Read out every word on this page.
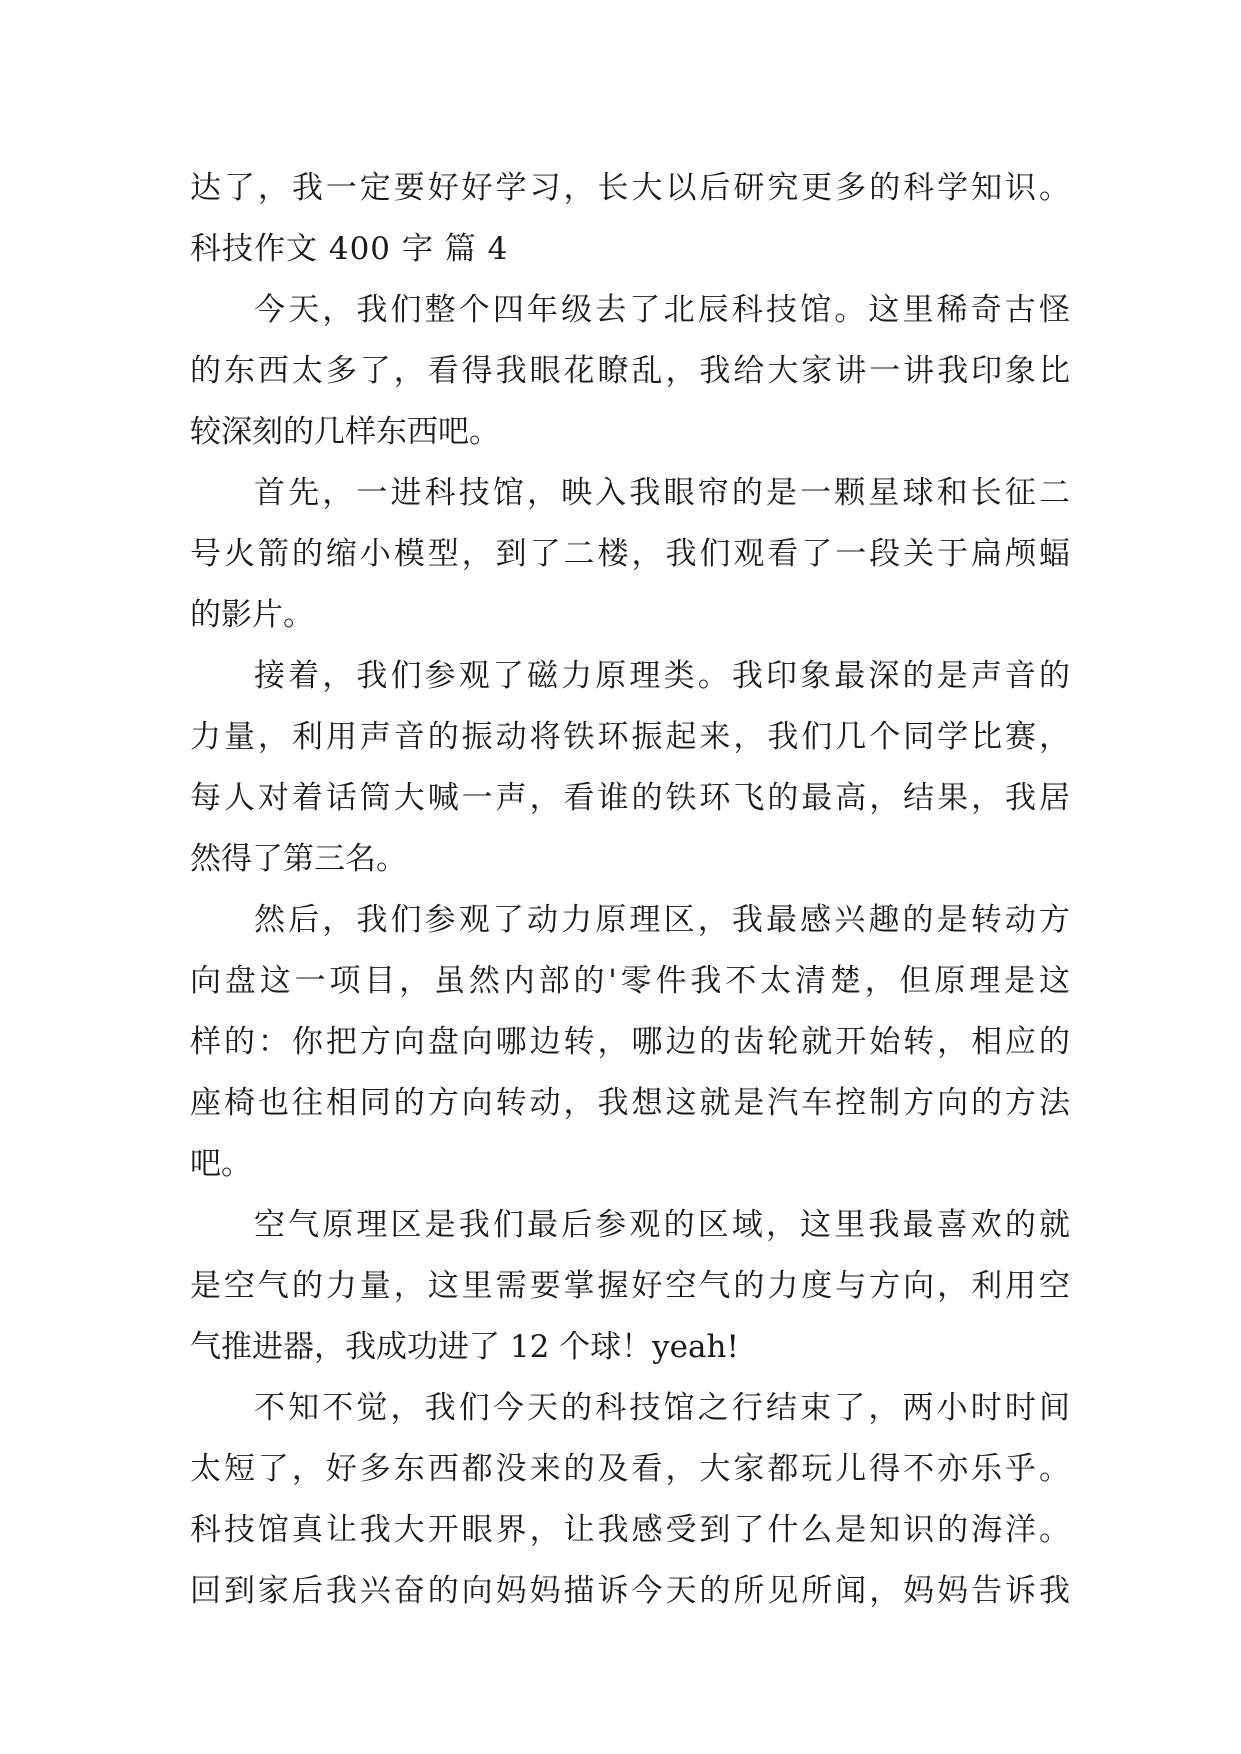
达了，我一定要好好学习，长大以后研究更多的科学知识。
科技作文 400 字 篇 4
今天，我们整个四年级去了北辰科技馆。这里稀奇古怪
的东西太多了，看得我眼花瞭乱，我给大家讲一讲我印象比
较深刻的几样东西吧。
首先，一进科技馆，映入我眼帘的是一颗星球和长征二
号火箭的缩小模型，到了二楼，我们观看了一段关于扁颅蝠
的影片。
接着，我们参观了磁力原理类。我印象最深的是声音的
力量，利用声音的振动将铁环振起来，我们几个同学比赛，
每人对着话筒大喊一声，看谁的铁环飞的最高，结果，我居
然得了第三名。
然后，我们参观了动力原理区，我最感兴趣的是转动方
向盘这一项目，虽然内部的'零件我不太清楚，但原理是这
样的：你把方向盘向哪边转，哪边的齿轮就开始转，相应的
座椅也往相同的方向转动，我想这就是汽车控制方向的方法
吧。
空气原理区是我们最后参观的区域，这里我最喜欢的就
是空气的力量，这里需要掌握好空气的力度与方向，利用空
气推进器，我成功进了 12 个球！yeah!
不知不觉，我们今天的科技馆之行结束了，两小时时间
太短了，好多东西都没来的及看，大家都玩儿得不亦乐乎。
科技馆真让我大开眼界，让我感受到了什么是知识的海洋。
回到家后我兴奋的向妈妈描诉今天的所见所闻，妈妈告诉我
